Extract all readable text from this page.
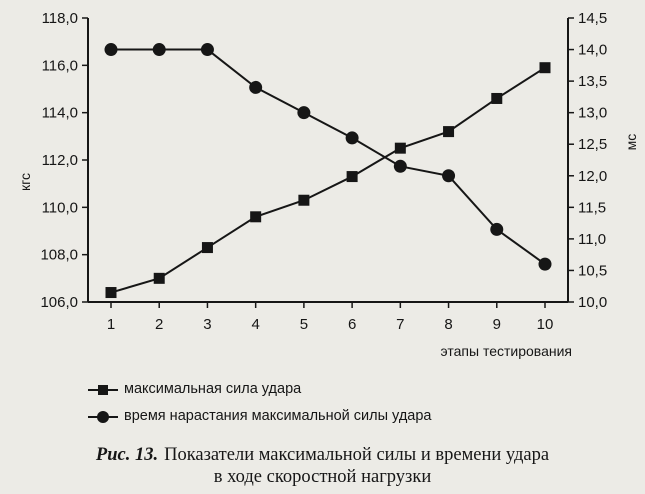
106,0
108,0
110,0
112,0
114,0
116,0
118,0
10,0
10,5
11,0
11,5
12,0
12,5
13,0
13,5
14,0
14,5
1	2	3	4	5	6	7	8	9 10
кгс
мс
этапы тестирования
максимальная сила удара
время нарастания максимальной силы удара
Рис. 13. Показатели максимальной силы и времени удара
в ходе скоростной нагрузки
